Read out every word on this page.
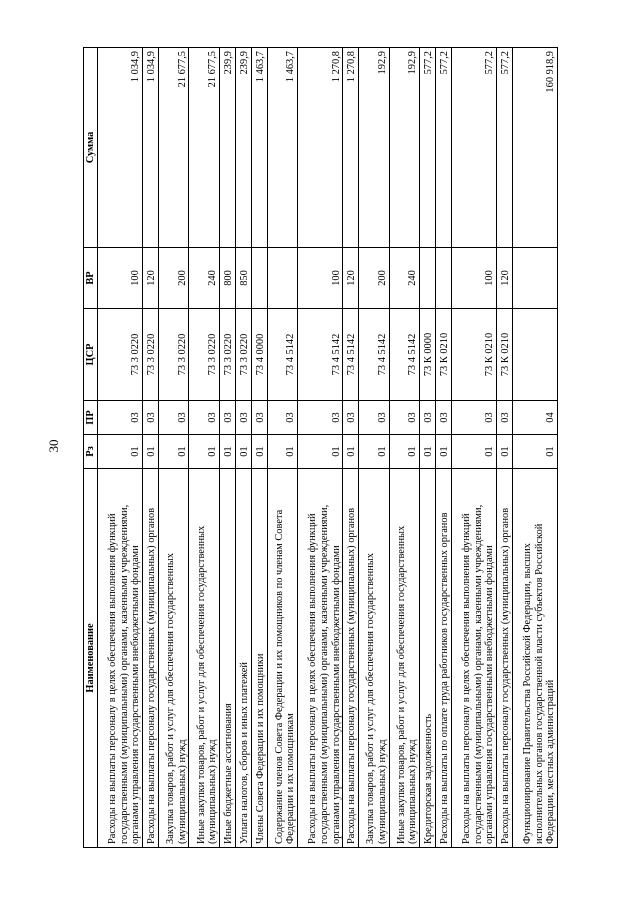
30
Наименование	Рз	ПР	ЦСР	ВР	Сумма
Расходы на выплаты персоналу в целях обеспечения выполнения функций государственными (муниципальными) органами, казенными учреждениями, органами управления государственными внебюджетными фондами	01	03	73 3 0220	100	1 034,9
Расходы на выплаты персоналу государственных (муниципальных) органов	01	03	73 3 0220	120	1 034,9
Закупка товаров, работ и услуг для обеспечения государственных (муниципальных) нужд	01	03	73 3 0220	200	21 677,5
Иные закупки товаров, работ и услуг для обеспечения государственных (муниципальных) нужд	01	03	73 3 0220	240	21 677,5
Иные бюджетные ассигнования	01	03	73 3 0220	800	239,9
Уплата налогов, сборов и иных платежей	01	03	73 3 0220	850	239,9
Члены Совета Федерации и их помощники	01	03	73 4 0000		1 463,7
Содержание членов Совета Федерации и их помощников по членам Совета Федерации и их помощникам	01	03	73 4 5142		1 463,7
Расходы на выплаты персоналу в целях обеспечения выполнения функций государственными (муниципальными) органами, казенными учреждениями, органами управления государственными внебюджетными фондами	01	03	73 4 5142	100	1 270,8
Расходы на выплаты персоналу государственных (муниципальных) органов	01	03	73 4 5142	120	1 270,8
Закупка товаров, работ и услуг для обеспечения государственных (муниципальных) нужд	01	03	73 4 5142	200	192,9
Иные закупки товаров, работ и услуг для обеспечения государственных (муниципальных) нужд	01	03	73 4 5142	240	192,9
Кредиторская задолженность	01	03	73 К 0000		577,2
Расходы на выплаты по оплате труда работников государственных органов	01	03	73 К 0210		577,2
Расходы на выплаты персоналу в целях обеспечения выполнения функций государственными (муниципальными) органами, казенными учреждениями, органами управления государственными внебюджетными фондами	01	03	73 К 0210	100	577,2
Расходы на выплаты персоналу государственных (муниципальных) органов	01	03	73 К 0210	120	577,2
Функционирование Правительства Российской Федерации, высших исполнительных органов государственной власти субъектов Российской Федерации, местных администраций	01	04			160 918,9
